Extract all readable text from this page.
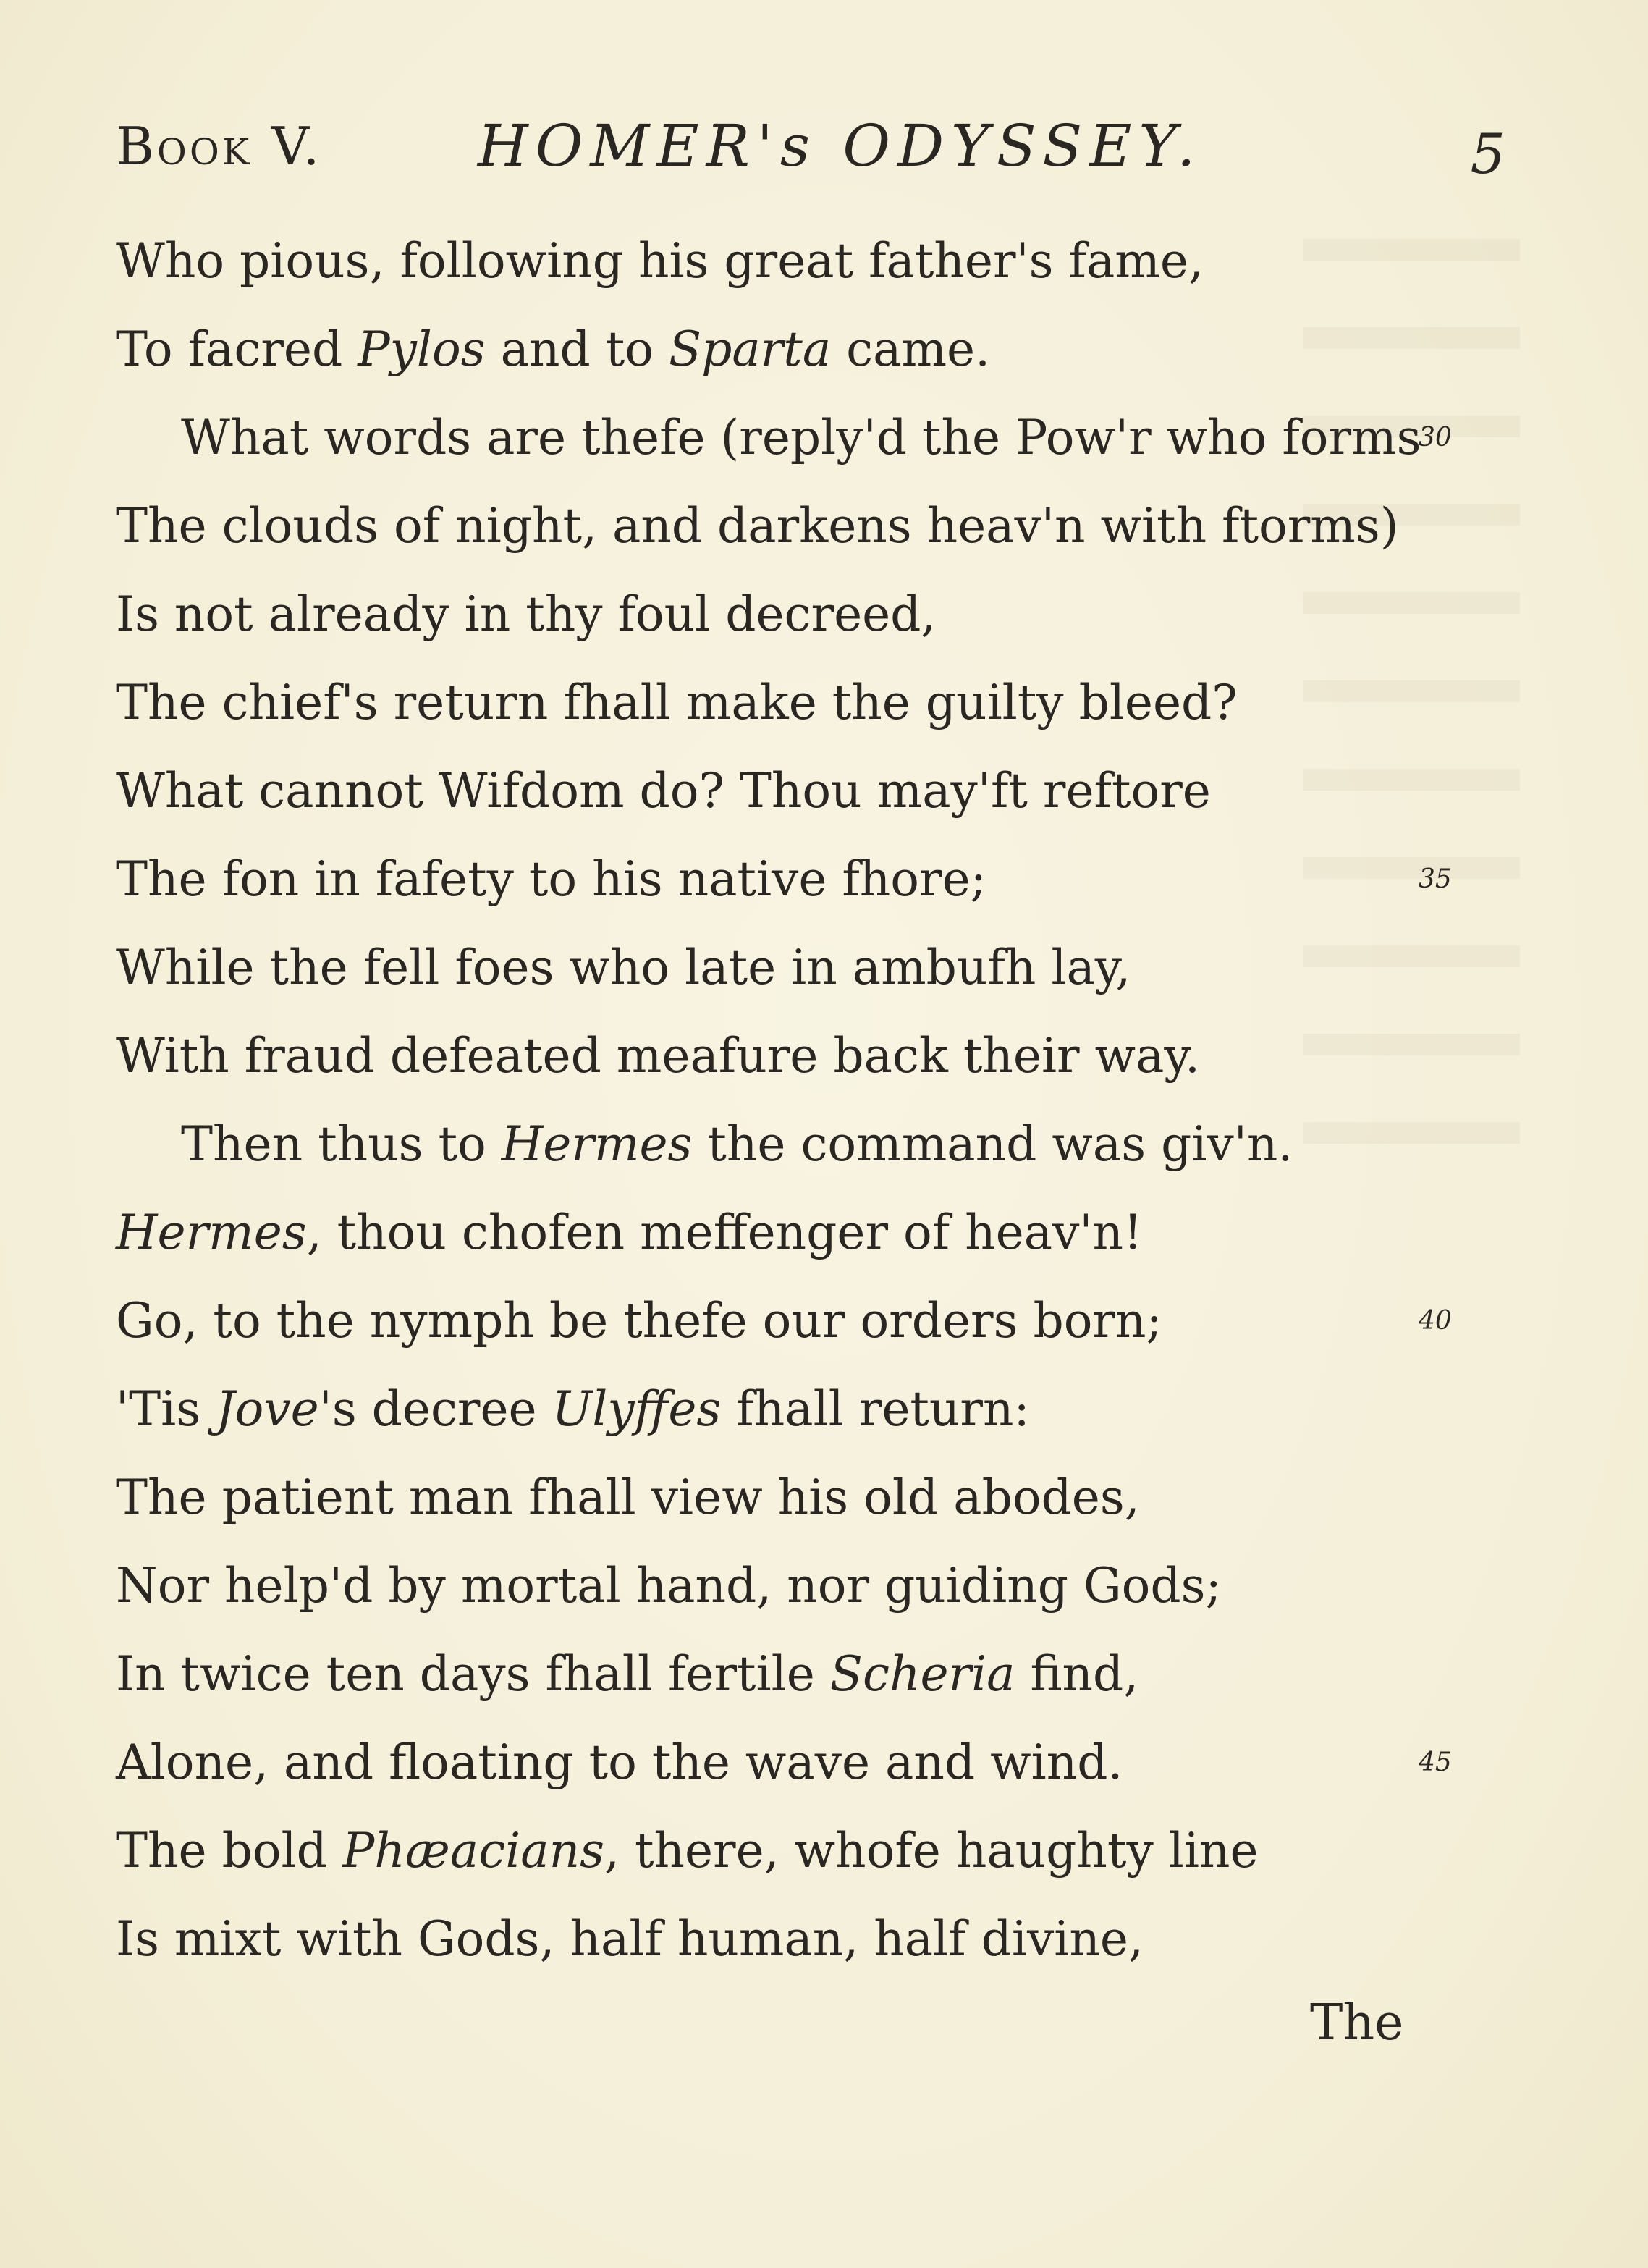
Book V.	HOMER's ODYSSEY.	5
Who pious, following his great father's fame,
To facred Pylos and to Sparta came.
What words are thefe (reply'd the Pow'r who forms
30
The clouds of night, and darkens heav'n with ftorms)
Is not already in thy foul decreed,
The chief's return fhall make the guilty bleed?
What cannot Wifdom do? Thou may'ft reftore
The fon in fafety to his native fhore;	35
While the fell foes who late in ambufh lay,
With fraud defeated meafure back their way.
Then thus to Hermes the command was giv'n.
Hermes, thou chofen meffenger of heav'n!
Go, to the nymph be thefe our orders born;	40
'Tis Jove's decree Ulyffes fhall return:
The patient man fhall view his old abodes,
Nor help'd by mortal hand, nor guiding Gods;
In twice ten days fhall fertile Scheria find,
Alone, and floating to the wave and wind.	45
The bold Phæacians, there, whofe haughty line
Is mixt with Gods, half human, half divine,
The
